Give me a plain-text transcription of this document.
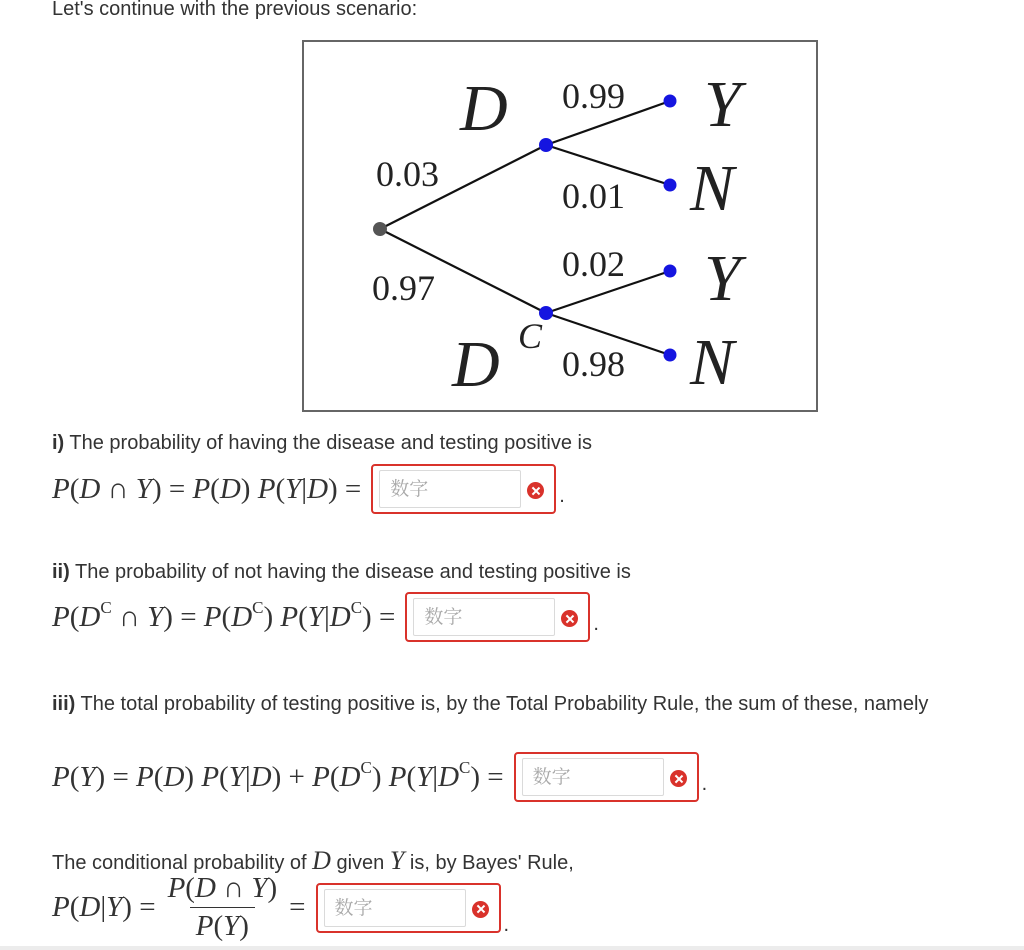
Let's continue with the previous scenario:
0.03
0.97
D
D C
0.99
0.01
0.02
0.98
Y
N
Y
N
i) The probability of having the disease and testing positive is
P(D ∩ Y) = P(D) P(Y|D) =
数字	.
ii) The probability of not having the disease and testing positive is
$P(D^C$ ∩ $Y) = P(D^C) P(Y|D^C)$ =
数字	.
iii) The total probability of testing positive is, by the Total Probability Rule, the sum of these, namely
P(Y) = P(D) $P(Y|D) + P(D^C) P(Y|D^C)$ =
数字	.
The conditional probability of D given Y is, by Bayes' Rule,
$P(D|Y) = \frac{P(D \cap Y)}{P(Y)}$ =
数字
.
